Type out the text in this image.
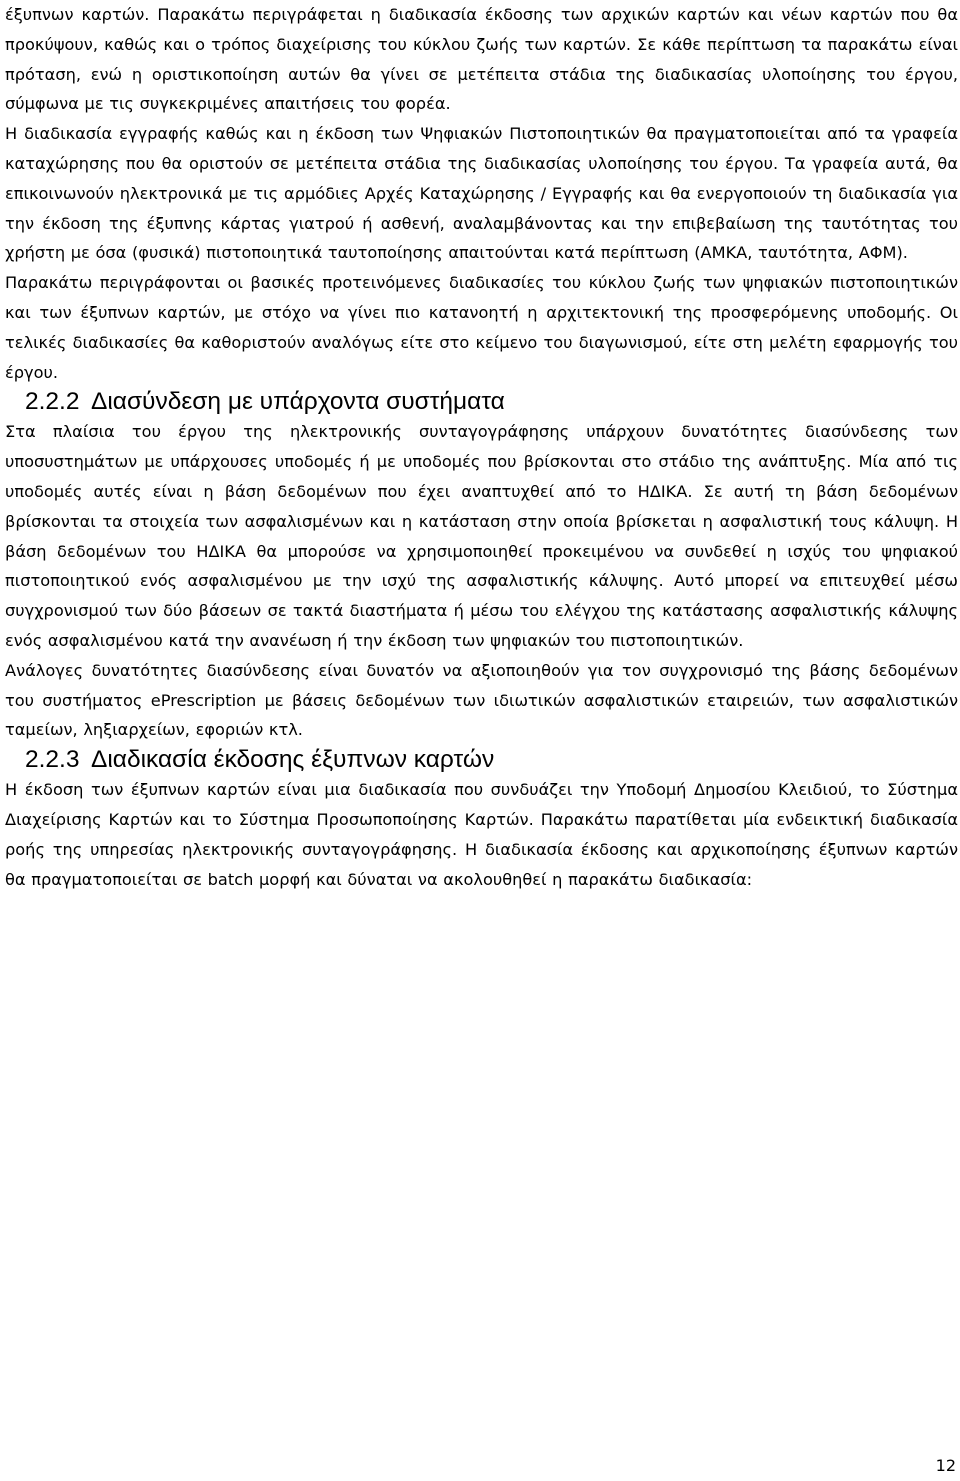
έξυπνων καρτών. Παρακάτω περιγράφεται η διαδικασία έκδοσης των αρχικών καρτών και νέων καρτών που θα προκύψουν, καθώς και ο τρόπος διαχείρισης του κύκλου ζωής των καρτών. Σε κάθε περίπτωση τα παρακάτω είναι πρόταση, ενώ η οριστικοποίηση αυτών θα γίνει σε μετέπειτα στάδια της διαδικασίας υλοποίησης του έργου, σύμφωνα με τις συγκεκριμένες απαιτήσεις του φορέα.

Η διαδικασία εγγραφής καθώς και η έκδοση των Ψηφιακών Πιστοποιητικών θα πραγματοποιείται από τα γραφεία καταχώρησης που θα οριστούν σε μετέπειτα στάδια της διαδικασίας υλοποίησης του έργου. Τα γραφεία αυτά, θα επικοινωνούν ηλεκτρονικά με τις αρμόδιες Αρχές Καταχώρησης / Εγγραφής και θα ενεργοποιούν τη διαδικασία για την έκδοση της έξυπνης κάρτας γιατρού ή ασθενή, αναλαμβάνοντας και την επιβεβαίωση της ταυτότητας του χρήστη με όσα (φυσικά) πιστοποιητικά ταυτοποίησης απαιτούνται κατά περίπτωση (ΑΜΚΑ, ταυτότητα, ΑΦΜ).

Παρακάτω περιγράφονται οι βασικές προτεινόμενες διαδικασίες του κύκλου ζωής των ψηφιακών πιστοποιητικών και των έξυπνων καρτών, με στόχο να γίνει πιο κατανοητή η αρχιτεκτονική της προσφερόμενης υποδομής. Οι τελικές διαδικασίες θα καθοριστούν αναλόγως είτε στο κείμενο του διαγωνισμού, είτε στη μελέτη εφαρμογής του έργου.

2.2.2 Διασύνδεση με υπάρχοντα συστήματα

Στα πλαίσια του έργου της ηλεκτρονικής συνταγογράφησης υπάρχουν δυνατότητες διασύνδεσης των υποσυστημάτων με υπάρχουσες υποδομές ή με υποδομές που βρίσκονται στο στάδιο της ανάπτυξης. Μία από τις υποδομές αυτές είναι η βάση δεδομένων που έχει αναπτυχθεί από το ΗΔΙΚΑ. Σε αυτή τη βάση δεδομένων βρίσκονται τα στοιχεία των ασφαλισμένων και η κατάσταση στην οποία βρίσκεται η ασφαλιστική τους κάλυψη. Η βάση δεδομένων του ΗΔΙΚΑ θα μπορούσε να χρησιμοποιηθεί προκειμένου να συνδεθεί η ισχύς του ψηφιακού πιστοποιητικού ενός ασφαλισμένου με την ισχύ της ασφαλιστικής κάλυψης. Αυτό μπορεί να επιτευχθεί μέσω συγχρονισμού των δύο βάσεων σε τακτά διαστήματα ή μέσω του ελέγχου της κατάστασης ασφαλιστικής κάλυψης ενός ασφαλισμένου κατά την ανανέωση ή την έκδοση των ψηφιακών του πιστοποιητικών.

Ανάλογες δυνατότητες διασύνδεσης είναι δυνατόν να αξιοποιηθούν για τον συγχρονισμό της βάσης δεδομένων του συστήματος ePrescription με βάσεις δεδομένων των ιδιωτικών ασφαλιστικών εταιρειών, των ασφαλιστικών ταμείων, ληξιαρχείων, εφοριών κτλ.

2.2.3 Διαδικασία έκδοσης έξυπνων καρτών

Η έκδοση των έξυπνων καρτών είναι μια διαδικασία που συνδυάζει την Υποδομή Δημοσίου Κλειδιού, το Σύστημα Διαχείρισης Καρτών και το Σύστημα Προσωποποίησης Καρτών. Παρακάτω παρατίθεται μία ενδεικτική διαδικασία ροής της υπηρεσίας ηλεκτρονικής συνταγογράφησης. Η διαδικασία έκδοσης και αρχικοποίησης έξυπνων καρτών θα πραγματοποιείται σε batch μορφή και δύναται να ακολουθηθεί η παρακάτω διαδικασία:

12
